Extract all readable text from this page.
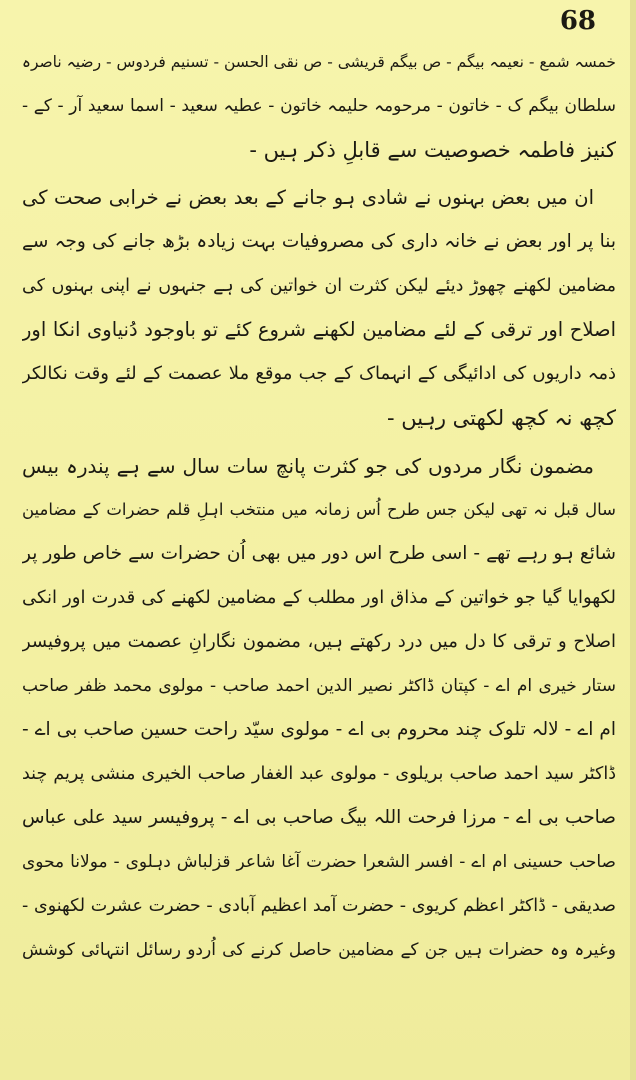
68
خمسہ شمع - نعیمہ بیگم - ص بیگم قریشی - ص نقی الحسن - تسنیم فردوس - رضیہ ناصرہ
سلطان بیگم ک - خاتون - مرحومہ حلیمہ خاتون - عطیہ سعید - اسما سعید آر - کے -
کنیز فاطمہ خصوصیت سے قابلِ ذکر ہیں -
ان میں بعض بہنوں نے شادی ہو جانے کے بعد بعض نے خرابی صحت کی
بنا پر اور بعض نے خانہ داری کی مصروفیات بہت زیادہ بڑھ جانے کی وجہ سے
مضامین لکھنے چھوڑ دیئے لیکن کثرت ان خواتین کی ہے جنہوں نے اپنی بہنوں کی
اصلاح اور ترقی کے لئے مضامین لکھنے شروع کئے تو باوجود دُنیاوی انکا اور
ذمہ داریوں کی ادائیگی کے انہماک کے جب موقع ملا عصمت کے لئے وقت نکالکر
کچھ نہ کچھ لکھتی رہیں -
مضمون نگار مردوں کی جو کثرت پانچ سات سال سے ہے پندرہ بیس
سال قبل نہ تھی لیکن جس طرح اُس زمانہ میں منتخب اہلِ قلم حضرات کے مضامین
شائع ہو رہے تھے - اسی طرح اس دور میں بھی اُن حضرات سے خاص طور پر
لکھوایا گیا جو خواتین کے مذاق اور مطلب کے مضامین لکھنے کی قدرت اور انکی
اصلاح و ترقی کا دل میں درد رکھتے ہیں، مضمون نگارانِ عصمت میں پروفیسر
ستار خیری ام اے - کپتان ڈاکٹر نصیر الدین احمد صاحب - مولوی محمد ظفر صاحب
ام اے - لالہ تلوک چند محروم بی اے - مولوی سیّد راحت حسین صاحب بی اے -
ڈاکٹر سید احمد صاحب بریلوی - مولوی عبد الغفار صاحب الخیری منشی پریم چند
صاحب بی اے - مرزا فرحت اللہ بیگ صاحب بی اے - پروفیسر سید علی عباس
صاحب حسینی ام اے - افسر الشعرا حضرت آغا شاعر قزلباش دہلوی - مولانا محوی
صدیقی - ڈاکٹر اعظم کریوی - حضرت آمد اعظیم آبادی - حضرت عشرت لکھنوی -
وغیرہ وہ حضرات ہیں جن کے مضامین حاصل کرنے کی اُردو رسائل انتہائی کوشش
